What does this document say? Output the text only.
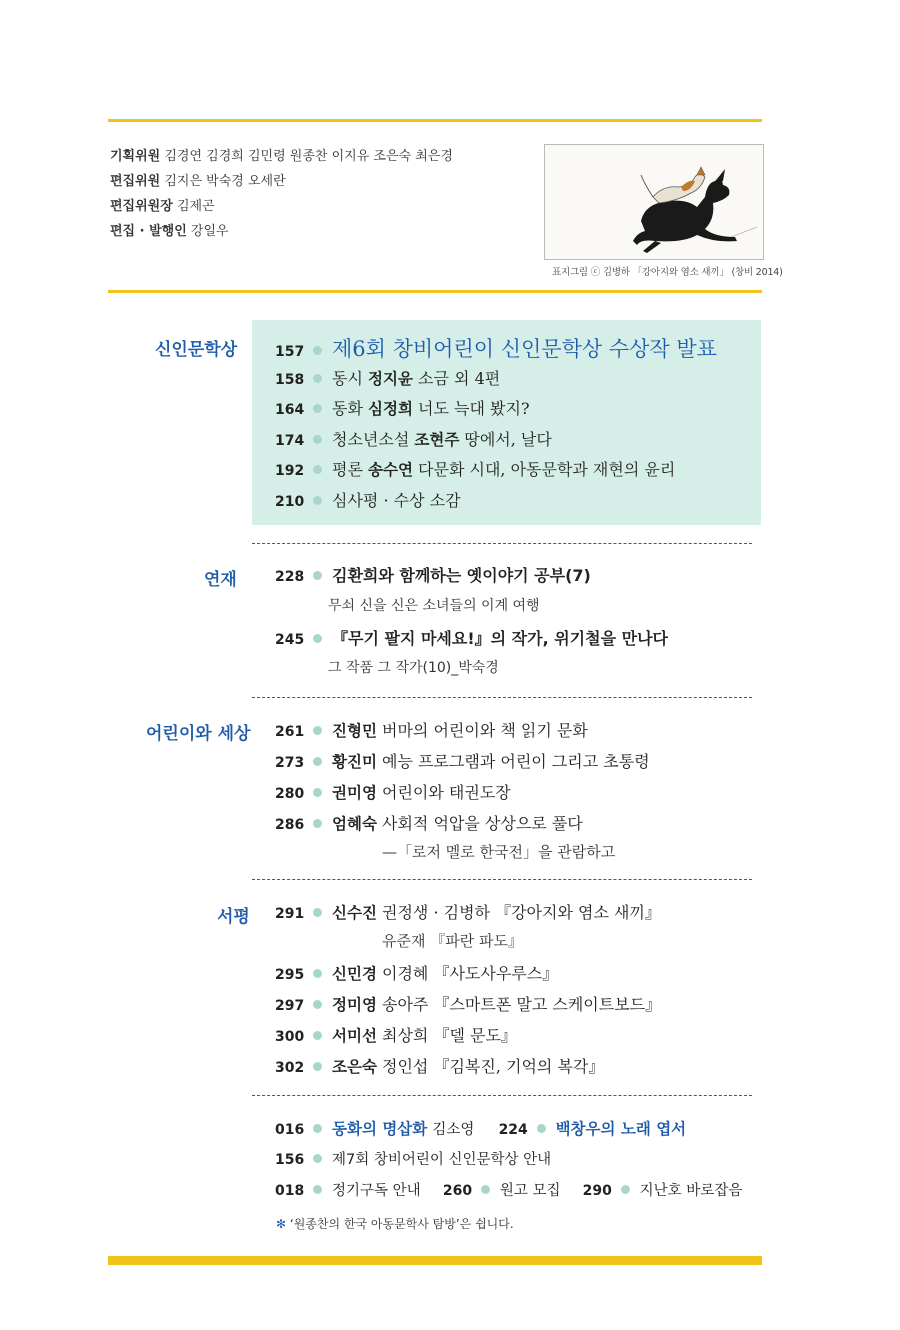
기획위원 김경연 김경희 김민령 원종찬 이지유 조은숙 최은경
편집위원 김지은 박숙경 오세란
편집위원장 김제곤
편집 · 발행인 강일우
표지그림 ⓒ 김병하 「강아지와 염소 새끼」 (창비 2014)
신인문학상
연재
어린이와 세상
서평
157 제6회 창비어린이 신인문학상 수상작 발표
158 동시 정지윤 소금 외 4편
164 동화 심정희 너도 늑대 봤지?
174 청소년소설 조현주 땅에서, 날다
192 평론 송수연 다문화 시대, 아동문학과 재현의 윤리
210 심사평 · 수상 소감
228 김환희와 함께하는 옛이야기 공부(7)
무쇠 신을 신은 소녀들의 이계 여행
245 『무기 팔지 마세요!』의 작가, 위기철을 만나다
그 작품 그 작가(10)_박숙경
261 진형민 버마의 어린이와 책 읽기 문화
273 황진미 예능 프로그램과 어린이 그리고 초통령
280 권미영 어린이와 태권도장
286 엄혜숙 사회적 억압을 상상으로 풀다
—「로저 멜로 한국전」을 관람하고
291 신수진 권정생 · 김병하 『강아지와 염소 새끼』
유준재 『파란 파도』
295 신민경 이경혜 『사도사우루스』
297 정미영 송아주 『스마트폰 말고 스케이트보드』
300 서미선 최상희 『델 문도』
302 조은숙 정인섭 『김복진, 기억의 복각』
016 동화의 명삽화 김소영 224 백창우의 노래 엽서
156 제7회 창비어린이 신인문학상 안내
018 정기구독 안내 260 원고 모집 290 지난호 바로잡음
✻ ‘원종찬의 한국 아동문학사 탐방’은 쉽니다.
